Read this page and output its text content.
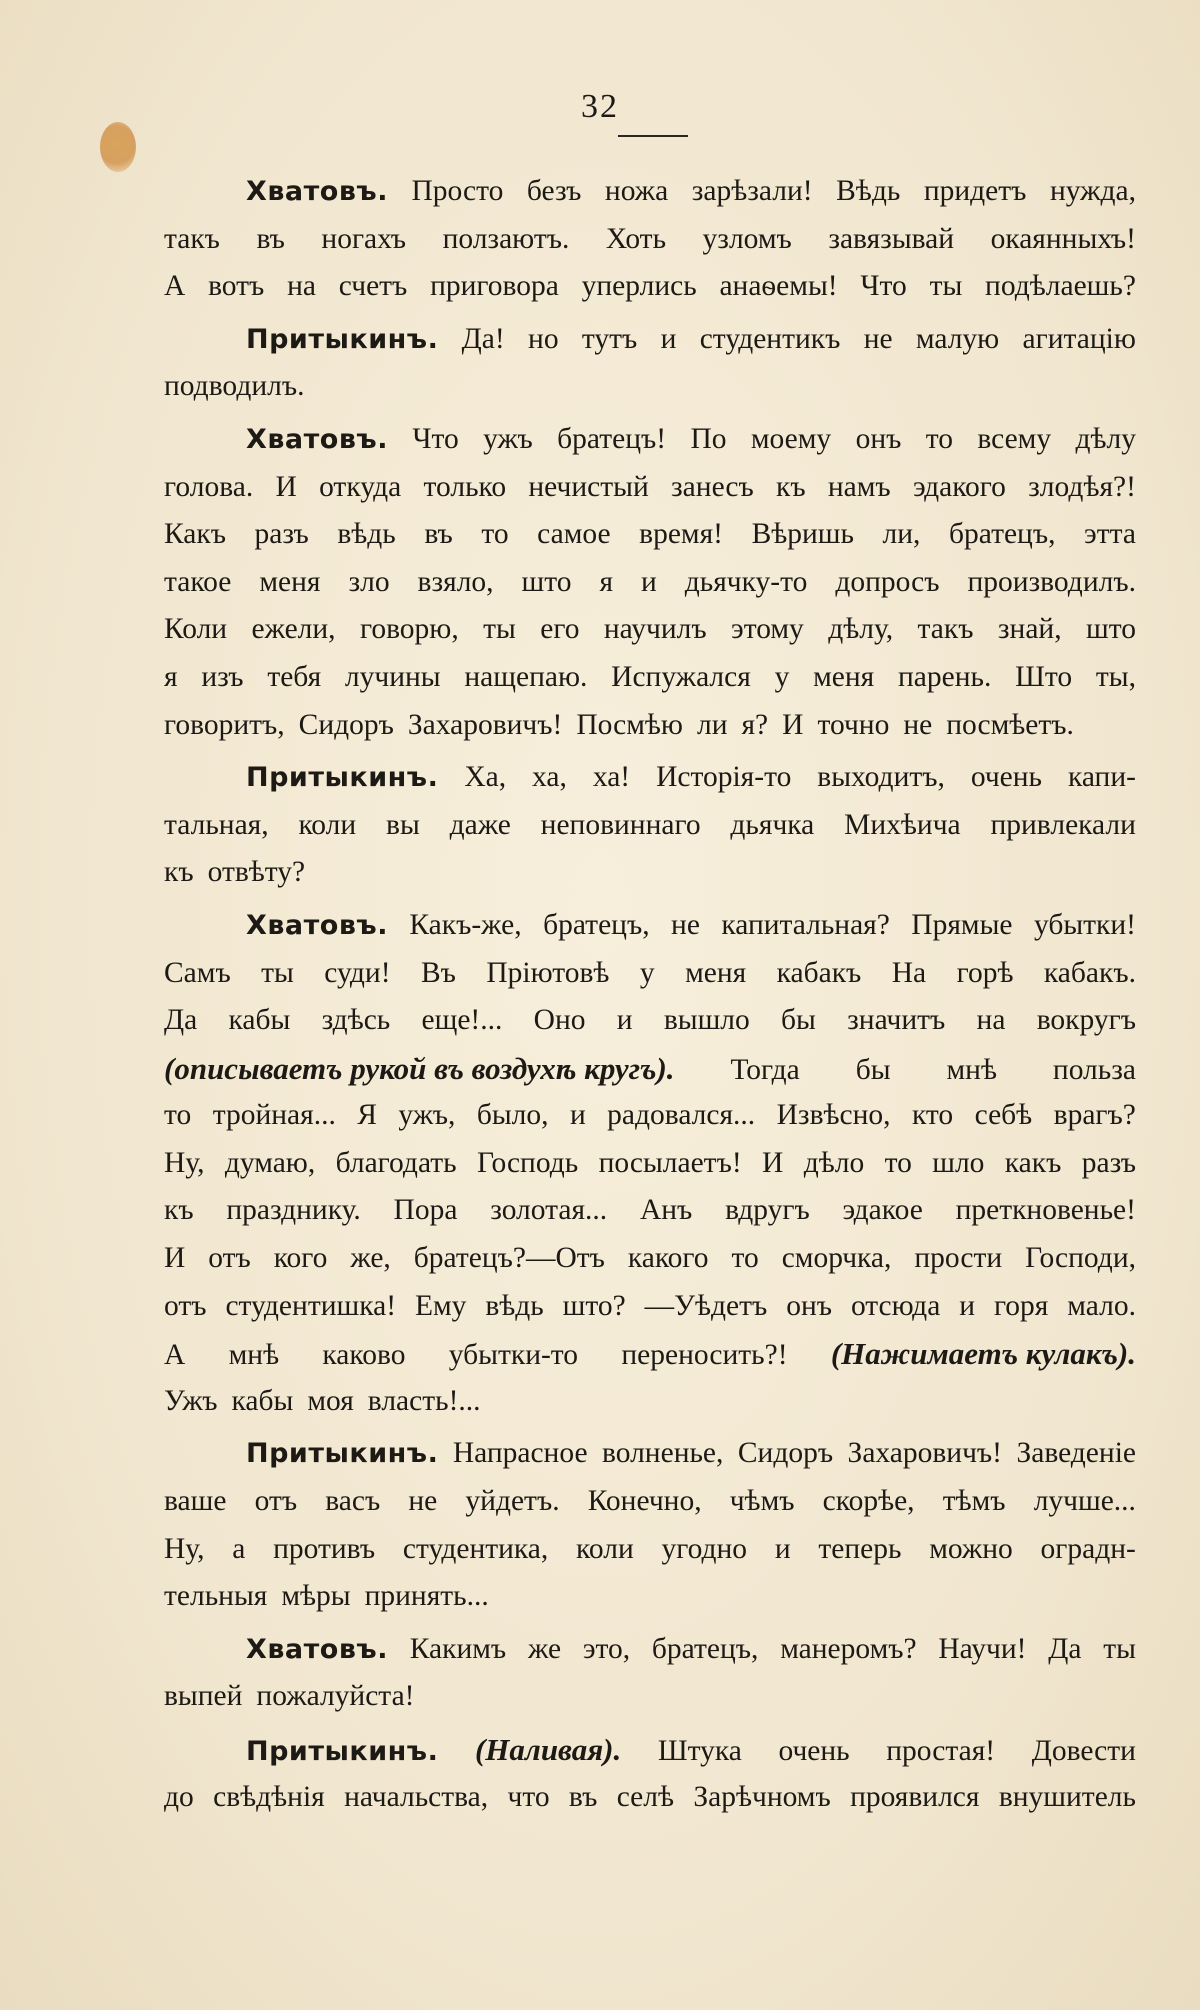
32
Хватовъ. Просто безъ ножа зарѣзали! Вѣдь придетъ нужда,
такъ въ ногахъ ползаютъ. Хоть узломъ завязывай окаянныхъ!
А вотъ на счетъ приговора уперлись анаѳемы! Что ты подѣлаешь?
Притыкинъ. Да! но тутъ и студентикъ не малую агитацію
подводилъ.
Хватовъ. Что ужъ братецъ! По моему онъ то всему дѣлу
голова. И откуда только нечистый занесъ къ намъ эдакого злодѣя?!
Какъ разъ вѣдь въ то самое время! Вѣришь ли, братецъ, этта
такое меня зло взяло, што я и дьячку-то допросъ производилъ.
Коли ежели, говорю, ты его научилъ этому дѣлу, такъ знай, што
я изъ тебя лучины нащепаю. Испужался у меня парень. Што ты,
говоритъ, Сидоръ Захаровичъ! Посмѣю ли я? И точно не посмѣетъ.
Притыкинъ. Ха, ха, ха! Исторія-то выходитъ, очень капи-
тальная, коли вы даже неповиннаго дьячка Михѣича привлекали
къ отвѣту?
Хватовъ. Какъ-же, братецъ, не капитальная? Прямые убытки!
Самъ ты суди! Въ Пріютовѣ у меня кабакъ На горѣ кабакъ.
Да кабы здѣсь еще!... Оно и вышло бы значитъ на вокругъ
(описываетъ рукой въ воздухѣ кругъ). Тогда бы мнѣ польза
то тройная... Я ужъ, было, и радовался... Извѣсно, кто себѣ врагъ?
Ну, думаю, благодать Господь посылаетъ! И дѣло то шло какъ разъ
къ празднику. Пора золотая... Анъ вдругъ эдакое преткновенье!
И отъ кого же, братецъ?—Отъ какого то сморчка, прости Господи,
отъ студентишка! Ему вѣдь што? —Уѣдетъ онъ отсюда и горя мало.
А мнѣ каково убытки-то переносить?! (Нажимаетъ кулакъ).
Ужъ кабы моя власть!...
Притыкинъ. Напрасное волненье, Сидоръ Захаровичъ! Заведеніе
ваше отъ васъ не уйдетъ. Конечно, чѣмъ скорѣе, тѣмъ лучше...
Ну, а противъ студентика, коли угодно и теперь можно оградн-
тельныя мѣры принять...
Хватовъ. Какимъ же это, братецъ, манеромъ? Научи! Да ты
выпей пожалуйста!
Притыкинъ. (Наливая). Штука очень простая! Довести
до свѣдѣнія начальства, что въ селѣ Зарѣчномъ проявился внушитель
